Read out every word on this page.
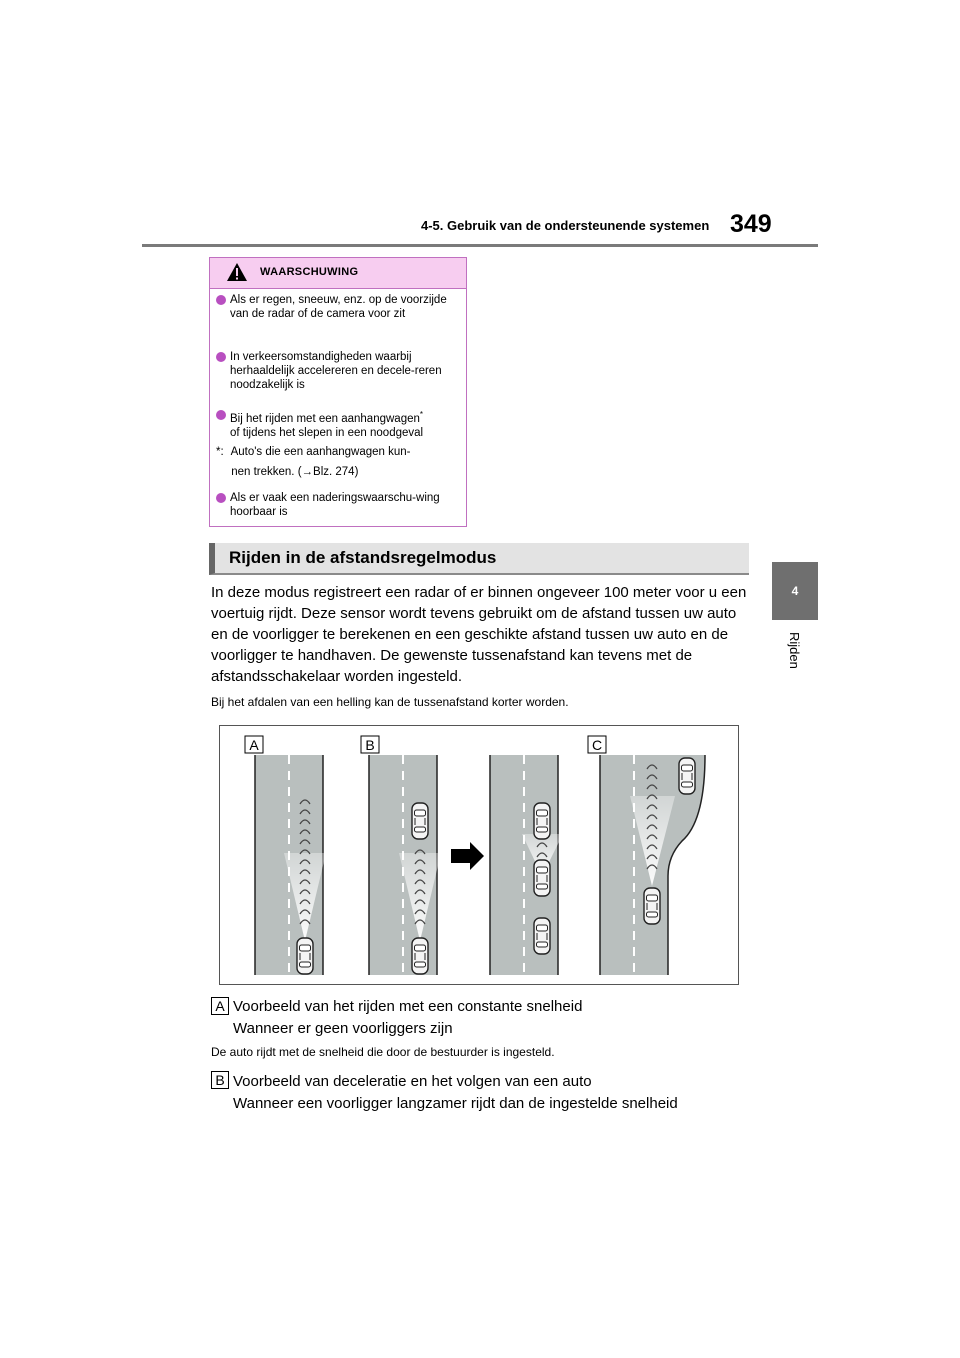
4-5. Gebruik van de ondersteunende systemen 349
4
Rijden
WAARSCHUWING
Als er regen, sneeuw, enz. op de voorzijde van de radar of de camera voor zit
In verkeersomstandigheden waarbij herhaaldelijk accelereren en decele-reren noodzakelijk is
Bij het rijden met een aanhangwagen*
of tijdens het slepen in een noodgeval
*: Auto's die een aanhangwagen kun-
nen trekken. (→Blz. 274)
Als er vaak een naderingswaarschu-wing hoorbaar is
Rijden in de afstandsregelmodus
In deze modus registreert een radar of er binnen ongeveer 100 meter voor u een voertuig rijdt. Deze sensor wordt tevens gebruikt om de afstand tussen uw auto en de voorligger te berekenen en een geschikte afstand tussen uw auto en de voorligger te handhaven. De gewenste tussenafstand kan tevens met de afstandsschakelaar worden ingesteld.
Bij het afdalen van een helling kan de tussenafstand korter worden.
A	B	C
A Voorbeeld van het rijden met een constante snelheid
Wanneer er geen voorliggers zijn
De auto rijdt met de snelheid die door de bestuurder is ingesteld.
B Voorbeeld van deceleratie en het volgen van een auto
Wanneer een voorligger langzamer rijdt dan de ingestelde snelheid
